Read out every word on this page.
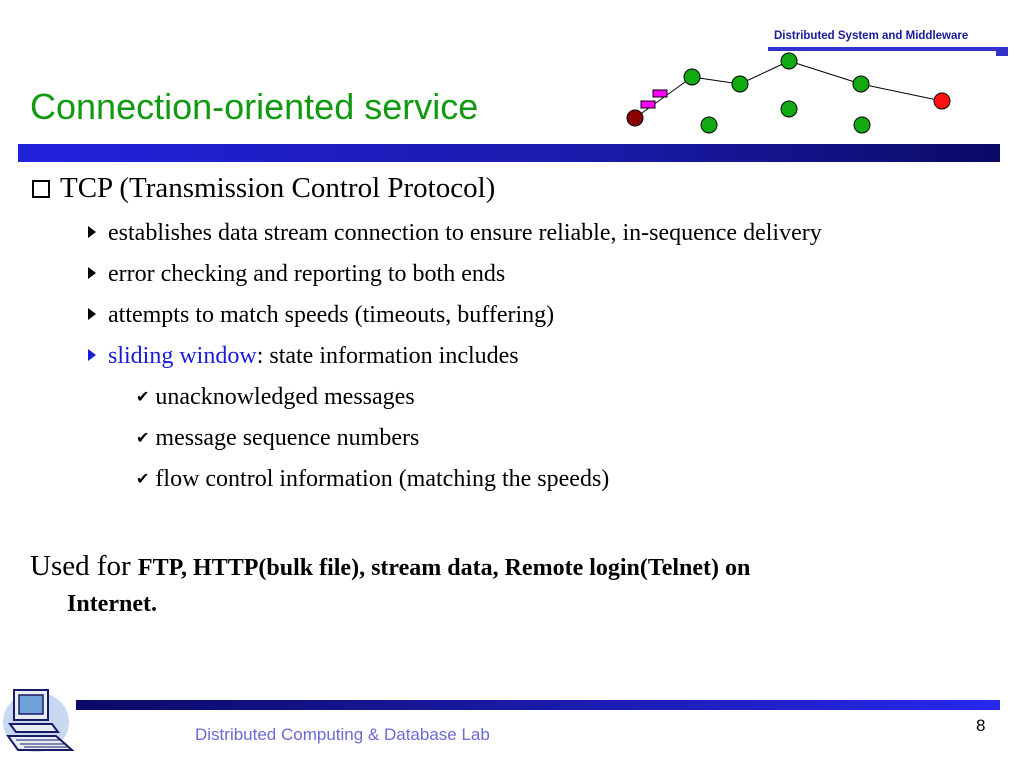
Distributed System and Middleware
Connection-oriented service
TCP (Transmission Control Protocol)
establishes data stream connection to ensure reliable, in-sequence delivery
error checking and reporting to both ends
attempts to match speeds (timeouts, buffering)
sliding window: state information includes
✔ unacknowledged messages
✔ message sequence numbers
✔ flow control information (matching the speeds)
Used for FTP, HTTP(bulk file), stream data, Remote login(Telnet) on
Internet.
Distributed Computing & Database Lab	8
